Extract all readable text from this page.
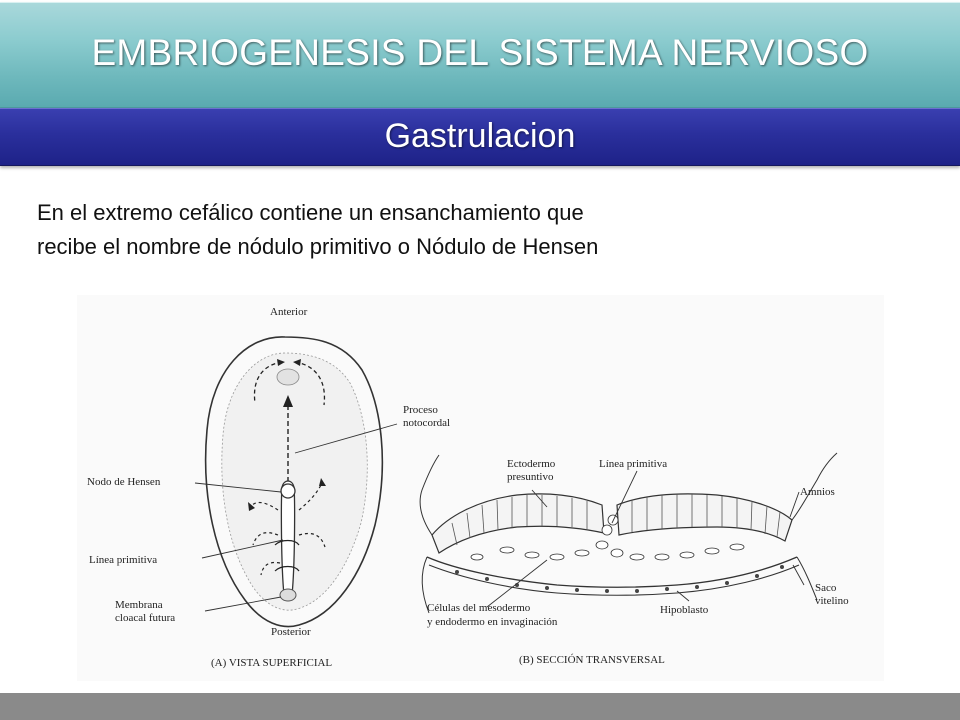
EMBRIOGENESIS DEL SISTEMA NERVIOSO
Gastrulacion
En el extremo cefálico contiene un ensanchamiento que
recibe el nombre de nódulo primitivo o Nódulo de Hensen
Anterior
Proceso
notocordal
Nodo de Hensen
Línea primitiva
Membrana
cloacal futura
Posterior
(A) VISTA SUPERFICIAL
Ectodermo
presuntivo
Línea primitiva
Amnios
Células del mesodermo
y endodermo en invaginación
Hipoblasto
Saco
vitelino
(B) SECCIÓN TRANSVERSAL
